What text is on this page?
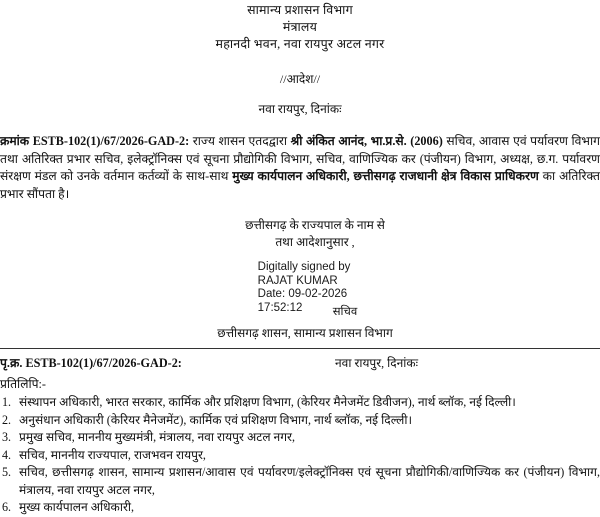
सामान्य प्रशासन विभाग
मंत्रालय
महानदी भवन, नवा रायपुर अटल नगर
//आदेश//
नवा रायपुर, दिनांकः

क्रमांक ESTB-102(1)/67/2026-GAD-2: राज्य शासन एतदद्वारा श्री अंकित आनंद, भा.प्र.से. (2006) सचिव, आवास एवं पर्यावरण विभाग तथा अतिरिक्त प्रभार सचिव, इलेक्ट्रॉनिक्स एवं सूचना प्रौद्योगिकी विभाग, सचिव, वाणिज्यिक कर (पंजीयन) विभाग, अध्यक्ष, छ.ग. पर्यावरण संरक्षण मंडल को उनके वर्तमान कर्तव्यों के साथ-साथ मुख्य कार्यपालन अधिकारी, छत्तीसगढ़ राजधानी क्षेत्र विकास प्राधिकरण का अतिरिक्त प्रभार सौंपता है।

छत्तीसगढ़ के राज्यपाल के नाम से
तथा आदेशानुसार ,
Digitally signed by
RAJAT KUMAR
Date: 09-02-2026
17:52:12	सचिव
छत्तीसगढ़ शासन, सामान्य प्रशासन विभाग
पृ.क्र. ESTB-102(1)/67/2026-GAD-2:	नवा रायपुर, दिनांकः
प्रतिलिपि:-
1. संस्थापन अधिकारी, भारत सरकार, कार्मिक और प्रशिक्षण विभाग, (केरियर मैनेजमेंट डिवीजन), नार्थ ब्लॉक, नई दिल्ली।
2. अनुसंधान अधिकारी (केरियर मैनेजमेंट), कार्मिक एवं प्रशिक्षण विभाग, नार्थ ब्लॉक, नई दिल्ली।
3. प्रमुख सचिव, माननीय मुख्यमंत्री, मंत्रालय, नवा रायपुर अटल नगर,
4. सचिव, माननीय राज्यपाल, राजभवन रायपुर,
5. सचिव, छत्तीसगढ़ शासन, सामान्य प्रशासन/आवास एवं पर्यावरण/इलेक्ट्रॉनिक्स एवं सूचना प्रौद्योगिकी/वाणिज्यिक कर (पंजीयन) विभाग, मंत्रालय, नवा रायपुर अटल नगर,
6. मुख्य कार्यपालन अधिकारी,
